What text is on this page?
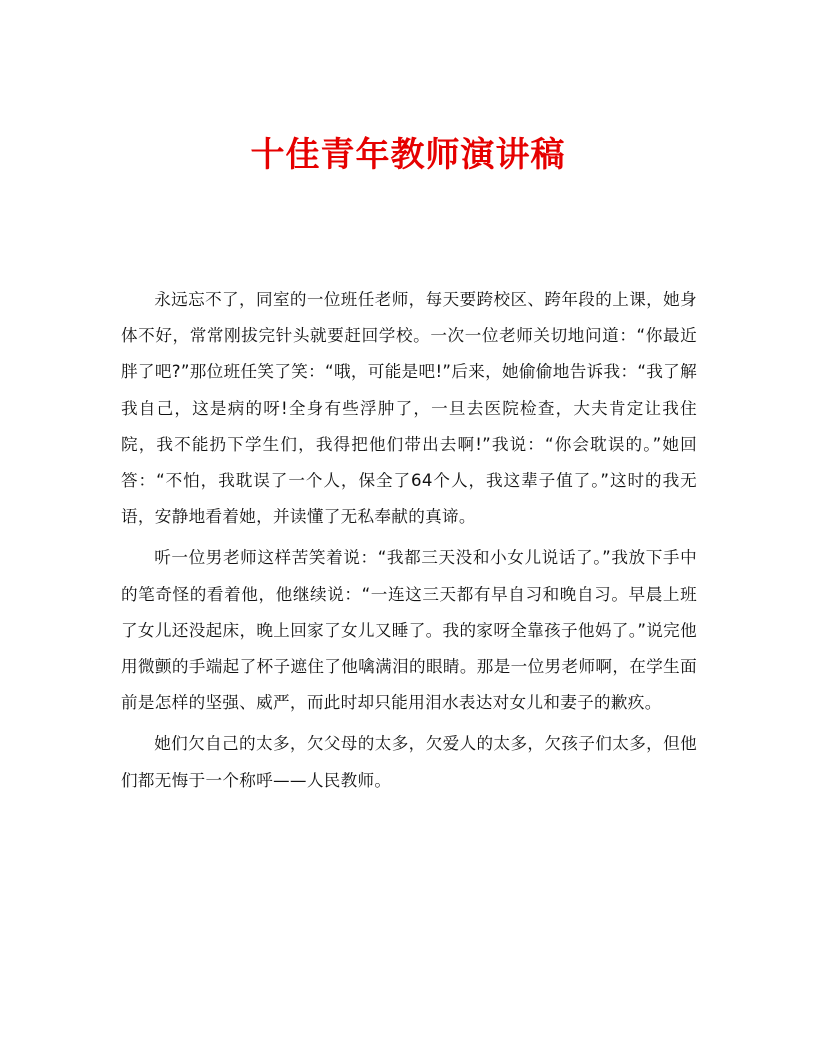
十佳青年教师演讲稿

永远忘不了，同室的一位班任老师，每天要跨校区、跨年段的上课，她身体不好，常常刚拔完针头就要赶回学校。一次一位老师关切地问道：“你最近胖了吧?”那位班任笑了笑：“哦，可能是吧!”后来，她偷偷地告诉我：“我了解我自己，这是病的呀!全身有些浮肿了，一旦去医院检查，大夫肯定让我住院，我不能扔下学生们，我得把他们带出去啊!”我说：“你会耽误的。”她回答：“不怕，我耽误了一个人，保全了64个人，我这辈子值了。”这时的我无语，安静地看着她，并读懂了无私奉献的真谛。

听一位男老师这样苦笑着说：“我都三天没和小女儿说话了。”我放下手中的笔奇怪的看着他，他继续说：“一连这三天都有早自习和晚自习。早晨上班了女儿还没起床，晚上回家了女儿又睡了。我的家呀全靠孩子他妈了。”说完他用微颤的手端起了杯子遮住了他噙满泪的眼睛。那是一位男老师啊，在学生面前是怎样的坚强、威严，而此时却只能用泪水表达对女儿和妻子的歉疚。

她们欠自己的太多，欠父母的太多，欠爱人的太多，欠孩子们太多，但他们都无悔于一个称呼——人民教师。
